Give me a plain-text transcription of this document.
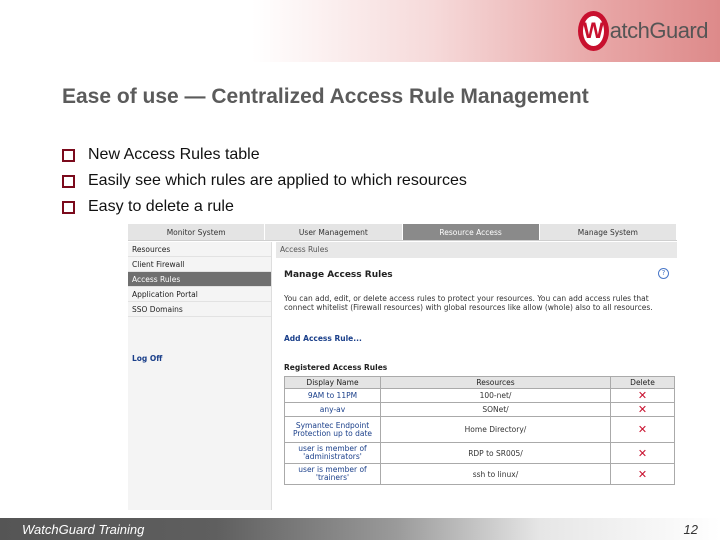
W atchGuard
Ease of use — Centralized Access Rule Management
New Access Rules table
Easily see which rules are applied to which resources
Easy to delete a rule
Monitor System	User Management	Resource Access	Manage System
Resources
Client Firewall
Access Rules
Application Portal
SSO Domains
Log Off
Access Rules
Manage Access Rules	?
You can add, edit, or delete access rules to protect your resources. You can add access rules that connect whitelist (Firewall resources) with global resources like allow (whole) also to all resources.
Add Access Rule...
Registered Access Rules
Display Name	Resources	Delete
9AM to 11PM	100-net/	✕
any-av	SONet/	✕
Symantec Endpoint Protection up to date	Home Directory/	✕
user is member of 'administrators'	RDP to SR005/	✕
user is member of 'trainers'	ssh to linux/	✕
WatchGuard Training	12
